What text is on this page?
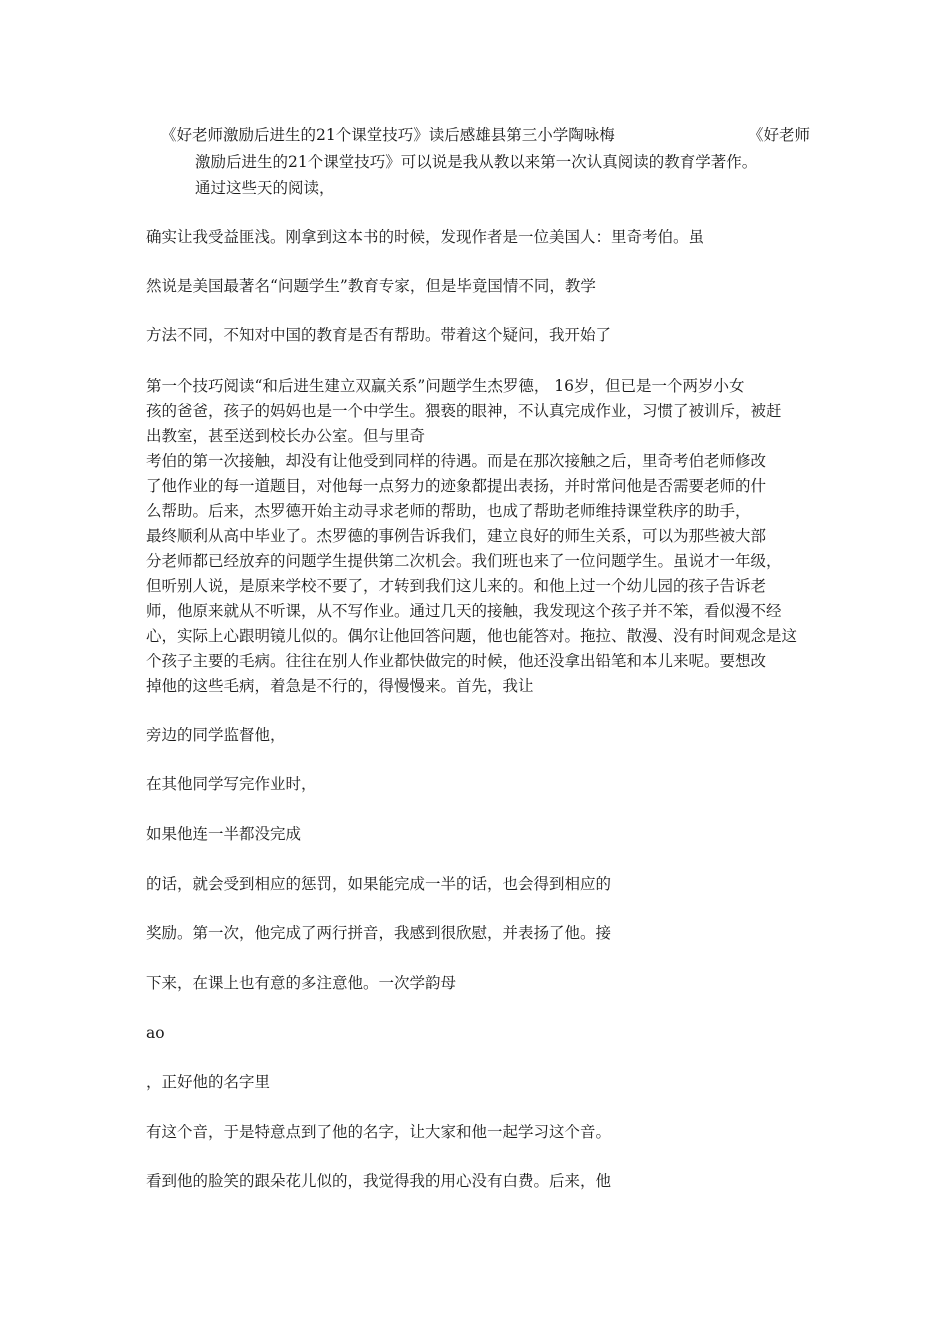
《好老师激励后进生的21个课堂技巧》读后感雄县第三小学陶咏梅	《好老师
激励后进生的21个课堂技巧》可以说是我从教以来第一次认真阅读的教育学著作。
通过这些天的阅读，
确实让我受益匪浅。刚拿到这本书的时候，发现作者是一位美国人：里奇考伯。虽
然说是美国最著名“问题学生”教育专家，但是毕竟国情不同，教学
方法不同，不知对中国的教育是否有帮助。带着这个疑问，我开始了
第一个技巧阅读“和后进生建立双赢关系”问题学生杰罗德， 16岁，但已是一个两岁小女
孩的爸爸，孩子的妈妈也是一个中学生。猥亵的眼神，不认真完成作业，习惯了被训斥，被赶
出教室，甚至送到校长办公室。但与里奇
考伯的第一次接触，却没有让他受到同样的待遇。而是在那次接触之后，里奇考伯老师修改
了他作业的每一道题目，对他每一点努力的迹象都提出表扬，并时常问他是否需要老师的什
么帮助。后来，杰罗德开始主动寻求老师的帮助，也成了帮助老师维持课堂秩序的助手，
最终顺利从高中毕业了。杰罗德的事例告诉我们，建立良好的师生关系，可以为那些被大部
分老师都已经放弃的问题学生提供第二次机会。我们班也来了一位问题学生。虽说才一年级，
但听别人说，是原来学校不要了，才转到我们这儿来的。和他上过一个幼儿园的孩子告诉老
师，他原来就从不听课，从不写作业。通过几天的接触，我发现这个孩子并不笨，看似漫不经
心，实际上心跟明镜儿似的。偶尔让他回答问题，他也能答对。拖拉、散漫、没有时间观念是这
个孩子主要的毛病。往往在别人作业都快做完的时候，他还没拿出铅笔和本儿来呢。要想改
掉他的这些毛病，着急是不行的，得慢慢来。首先，我让
旁边的同学监督他，
在其他同学写完作业时，
如果他连一半都没完成
的话，就会受到相应的惩罚，如果能完成一半的话，也会得到相应的
奖励。第一次，他完成了两行拼音，我感到很欣慰，并表扬了他。接
下来，在课上也有意的多注意他。一次学韵母
ao
，正好他的名字里
有这个音，于是特意点到了他的名字，让大家和他一起学习这个音。
看到他的脸笑的跟朵花儿似的，我觉得我的用心没有白费。后来，他
